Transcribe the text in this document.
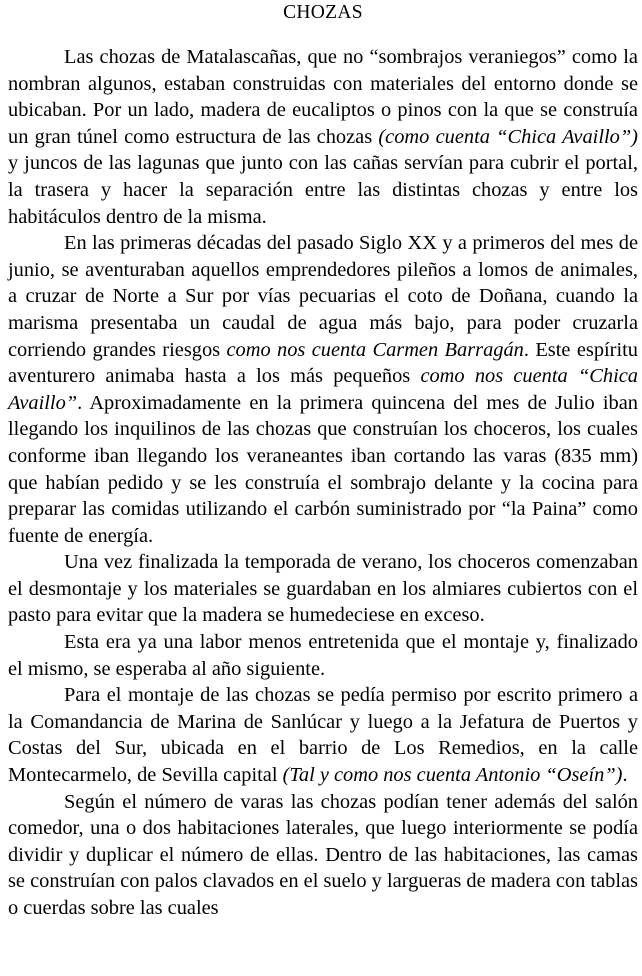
CHOZAS

Las chozas de Matalascañas, que no “sombrajos veraniegos” como la nombran algunos, estaban construidas con materiales del entorno donde se ubicaban. Por un lado, madera de eucaliptos o pinos con la que se construía un gran túnel como estructura de las chozas (como cuenta “Chica Availlo”) y juncos de las lagunas que junto con las cañas servían para cubrir el portal, la trasera y hacer la separación entre las distintas chozas y entre los habitáculos dentro de la misma.

En las primeras décadas del pasado Siglo XX y a primeros del mes de junio, se aventuraban aquellos emprendedores pileños a lomos de animales, a cruzar de Norte a Sur por vías pecuarias el coto de Doñana, cuando la marisma presentaba un caudal de agua más bajo, para poder cruzarla corriendo grandes riesgos como nos cuenta Carmen Barragán. Este espíritu aventurero animaba hasta a los más pequeños como nos cuenta “Chica Availlo”. Aproximadamente en la primera quincena del mes de Julio iban llegando los inquilinos de las chozas que construían los choceros, los cuales conforme iban llegando los veraneantes iban cortando las varas (835 mm) que habían pedido y se les construía el sombrajo delante y la cocina para preparar las comidas utilizando el carbón suministrado por “la Paina” como fuente de energía.

Una vez finalizada la temporada de verano, los choceros comenzaban el desmontaje y los materiales se guardaban en los almiares cubiertos con el pasto para evitar que la madera se humedeciese en exceso.

Esta era ya una labor menos entretenida que el montaje y, finalizado el mismo, se esperaba al año siguiente.

Para el montaje de las chozas se pedía permiso por escrito primero a la Comandancia de Marina de Sanlúcar y luego a la Jefatura de Puertos y Costas del Sur, ubicada en el barrio de Los Remedios, en la calle Montecarmelo, de Sevilla capital (Tal y como nos cuenta Antonio “Oseín”).

Según el número de varas las chozas podían tener además del salón comedor, una o dos habitaciones laterales, que luego interiormente se podía dividir y duplicar el número de ellas. Dentro de las habitaciones, las camas se construían con palos clavados en el suelo y largueras de madera con tablas o cuerdas sobre las cuales
